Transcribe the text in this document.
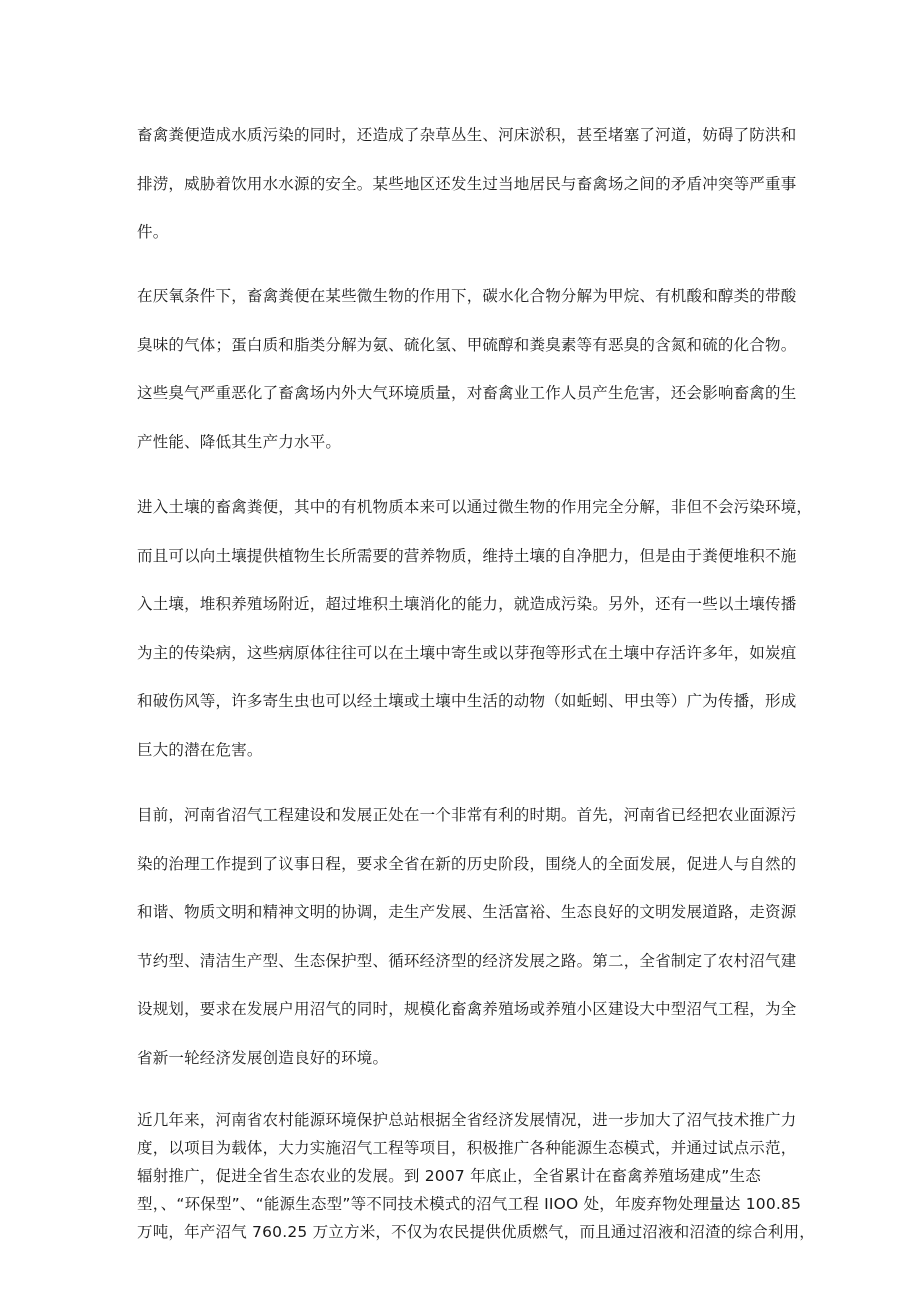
畜禽粪便造成水质污染的同时，还造成了杂草丛生、河床淤积，甚至堵塞了河道，妨碍了防洪和
排涝，威胁着饮用水水源的安全。某些地区还发生过当地居民与畜禽场之间的矛盾冲突等严重事
件。
在厌氧条件下，畜禽粪便在某些微生物的作用下，碳水化合物分解为甲烷、有机酸和醇类的带酸
臭味的气体；蛋白质和脂类分解为氨、硫化氢、甲硫醇和粪臭素等有恶臭的含氮和硫的化合物。
这些臭气严重恶化了畜禽场内外大气环境质量，对畜禽业工作人员产生危害，还会影响畜禽的生
产性能、降低其生产力水平。
进入土壤的畜禽粪便，其中的有机物质本来可以通过微生物的作用完全分解，非但不会污染环境，
而且可以向土壤提供植物生长所需要的营养物质，维持土壤的自净肥力，但是由于粪便堆积不施
入土壤，堆积养殖场附近，超过堆积土壤消化的能力，就造成污染。另外，还有一些以土壤传播
为主的传染病，这些病原体往往可以在土壤中寄生或以芽孢等形式在土壤中存活许多年，如炭疽
和破伤风等，许多寄生虫也可以经土壤或土壤中生活的动物（如蚯蚓、甲虫等）广为传播，形成
巨大的潜在危害。
目前，河南省沼气工程建设和发展正处在一个非常有利的时期。首先，河南省已经把农业面源污
染的治理工作提到了议事日程，要求全省在新的历史阶段，围绕人的全面发展，促进人与自然的
和谐、物质文明和精神文明的协调，走生产发展、生活富裕、生态良好的文明发展道路，走资源
节约型、清洁生产型、生态保护型、循环经济型的经济发展之路。第二，全省制定了农村沼气建
设规划，要求在发展户用沼气的同时，规模化畜禽养殖场或养殖小区建设大中型沼气工程，为全
省新一轮经济发展创造良好的环境。
近几年来，河南省农村能源环境保护总站根据全省经济发展情况，进一步加大了沼气技术推广力
度，以项目为载体，大力实施沼气工程等项目，积极推广各种能源生态模式，并通过试点示范，
辐射推广，促进全省生态农业的发展。到 2007 年底止，全省累计在畜禽养殖场建成”生态
型，、“环保型”、“能源生态型”等不同技术模式的沼气工程 IIOO 处，年废弃物处理量达 100.85
万吨，年产沼气 760.25 万立方米，不仅为农民提供优质燃气，而且通过沼液和沼渣的综合利用，
